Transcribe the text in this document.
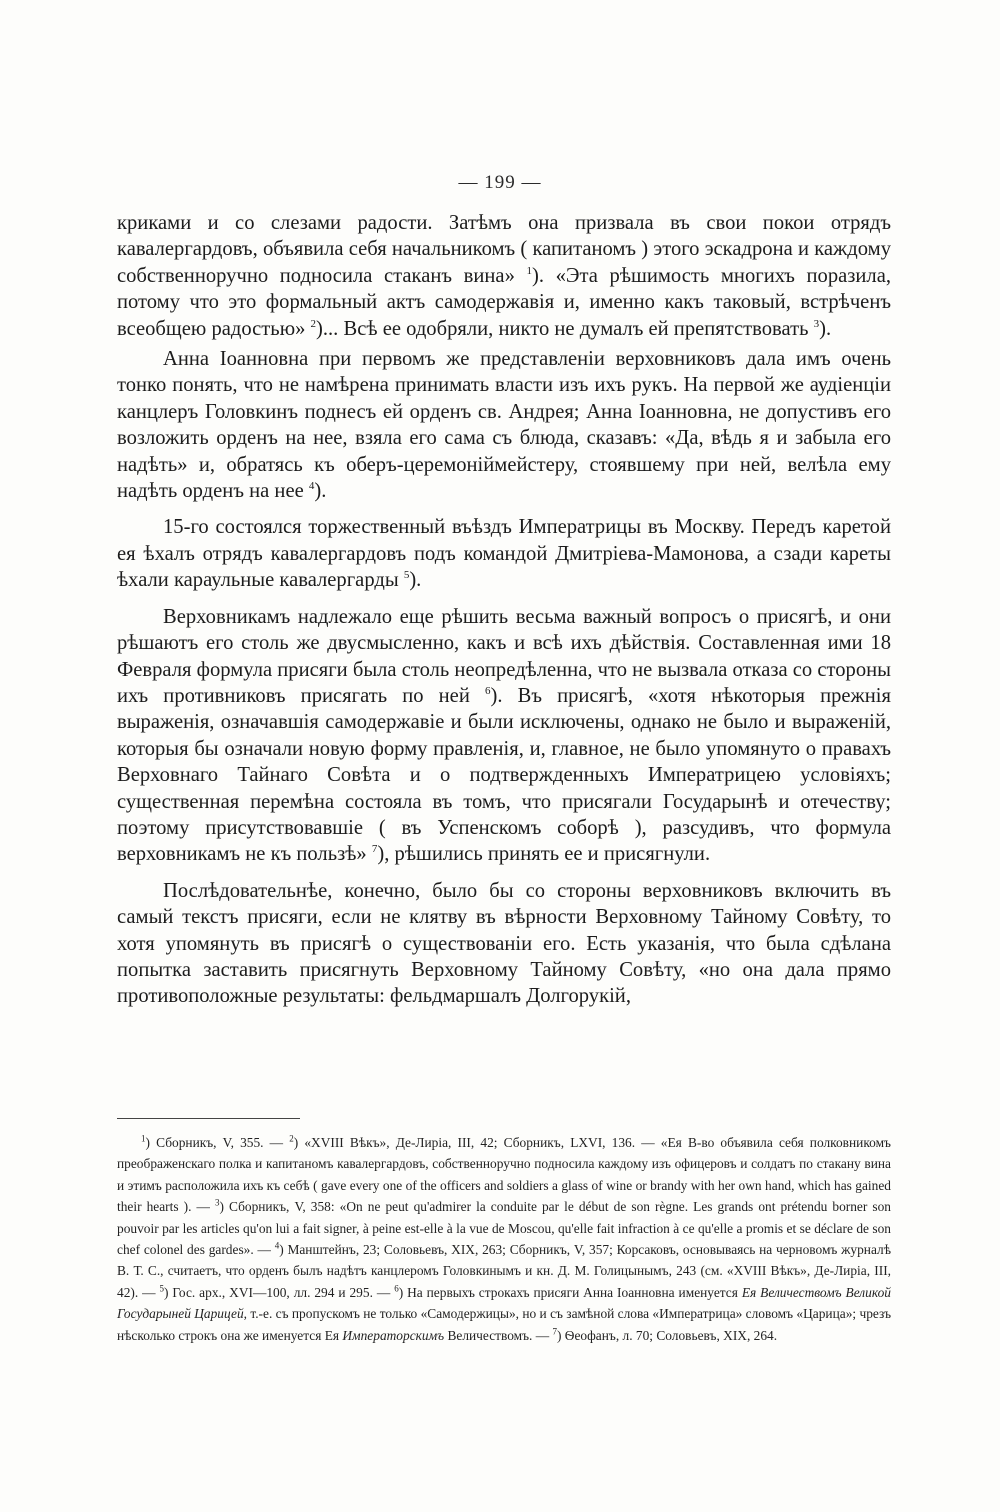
— 199 —

криками и со слезами радости. Затѣмъ она призвала въ свои покои отрядъ кавалергардовъ, объявила себя начальникомъ ( капитаномъ ) этого эскадрона и каждому собственноручно подносила стаканъ вина» $^1$). «Эта рѣшимость многихъ поразила, потому что это формальный актъ самодержавія и, именно какъ таковый, встрѣченъ всеобщею радостью» $^2$)... Всѣ ее одобряли, никто не думалъ ей препятствовать $^3$).

Анна Іоанновна при первомъ же представленіи верховниковъ дала имъ очень тонко понять, что не намѣрена принимать власти изъ ихъ рукъ. На первой же аудіенціи канцлеръ Головкинъ поднесъ ей орденъ св. Андрея; Анна Іоанновна, не допустивъ его возложить орденъ на нее, взяла его сама съ блюда, сказавъ: «Да, вѣдь я и забыла его надѣть» и, обратясь къ оберъ-церемоніймейстеру, стоявшему при ней, велѣла ему надѣть орденъ на нее $^4$).

15-го состоялся торжественный въѣздъ Императрицы въ Москву. Передъ каретой ея ѣхалъ отрядъ кавалергардовъ подъ командой Дмитріева-Мамонова, а сзади кареты ѣхали караульные кавалергарды $^5$).

Верховникамъ надлежало еще рѣшить весьма важный вопросъ о присягѣ, и они рѣшаютъ его столь же двусмысленно, какъ и всѣ ихъ дѣйствія. Составленная ими 18 Февраля формула присяги была столь неопредѣленна, что не вызвала отказа со стороны ихъ противниковъ присягать по ней $^6$). Въ присягѣ, «хотя нѣкоторыя прежнія выраженія, означавшія самодержавіе и были исключены, однако не было и выраженій, которыя бы означали новую форму правленія, и, главное, не было упомянуто о правахъ Верховнаго Тайнаго Совѣта и о подтвержденныхъ Императрицею условіяхъ; существенная перемѣна состояла въ томъ, что присягали Государынѣ и отечеству; поэтому присутствовавшіе ( въ Успенскомъ соборѣ ), разсудивъ, что формула верховникамъ не къ пользѣ» $^7$), рѣшились принять ее и присягнули.

Послѣдовательнѣе, конечно, было бы со стороны верховниковъ включить въ самый текстъ присяги, если не клятву въ вѣрности Верховному Тайному Совѣту, то хотя упомянуть въ присягѣ о существованіи его. Есть указанія, что была сдѣлана попытка заставить присягнуть Верховному Тайному Совѣту, «но она дала прямо противоположные результаты: фельдмаршалъ Долгорукій,

$^1$) Сборникъ, V, 355. — $^2$) «XVIII Вѣкъ», Де-Лиріа, III, 42; Сборникъ, LXVI, 136. — «Ея В-во объявила себя полковникомъ преображенскаго полка и капитаномъ кавалергардовъ, собственноручно подносила каждому изъ офицеровъ и солдатъ по стакану вина и этимъ расположила ихъ къ себѣ ( gave every one of the officers and soldiers a glass of wine or brandy with her own hand, which has gained their hearts ). — $^3$) Сборникъ, V, 358: «On ne peut qu'admirer la conduite par le début de son règne. Les grands ont prétendu borner son pouvoir par les articles qu'on lui a fait signer, à peine est-elle à la vue de Moscou, qu'elle fait infraction à ce qu'elle a promis et se déclare de son chef colonel des gardes». — $^4$) Манштейнъ, 23; Соловьевъ, XIX, 263; Сборникъ, V, 357; Корсаковъ, основываясь на черновомъ журналѣ В. Т. С., считаетъ, что орденъ былъ надѣтъ канцлеромъ Головкинымъ и кн. Д. М. Голицынымъ, 243 (см. «XVIII Вѣкъ», Де-Лиріа, III, 42). — $^5$) Гос. арх., XVI—100, лл. 294 и 295. — $^6$) На первыхъ строкахъ присяги Анна Іоанновна именуется Ея Величествомъ Великой Государыней Царицей, т.-е. съ пропускомъ не только «Самодержицы», но и съ замѣной слова «Императрица» словомъ «Царица»; чрезъ нѣсколько строкъ она же именуется Ея Императорскимъ Величествомъ. — $^7$) Ѳеофанъ, л. 70; Соловьевъ, XIX, 264.
